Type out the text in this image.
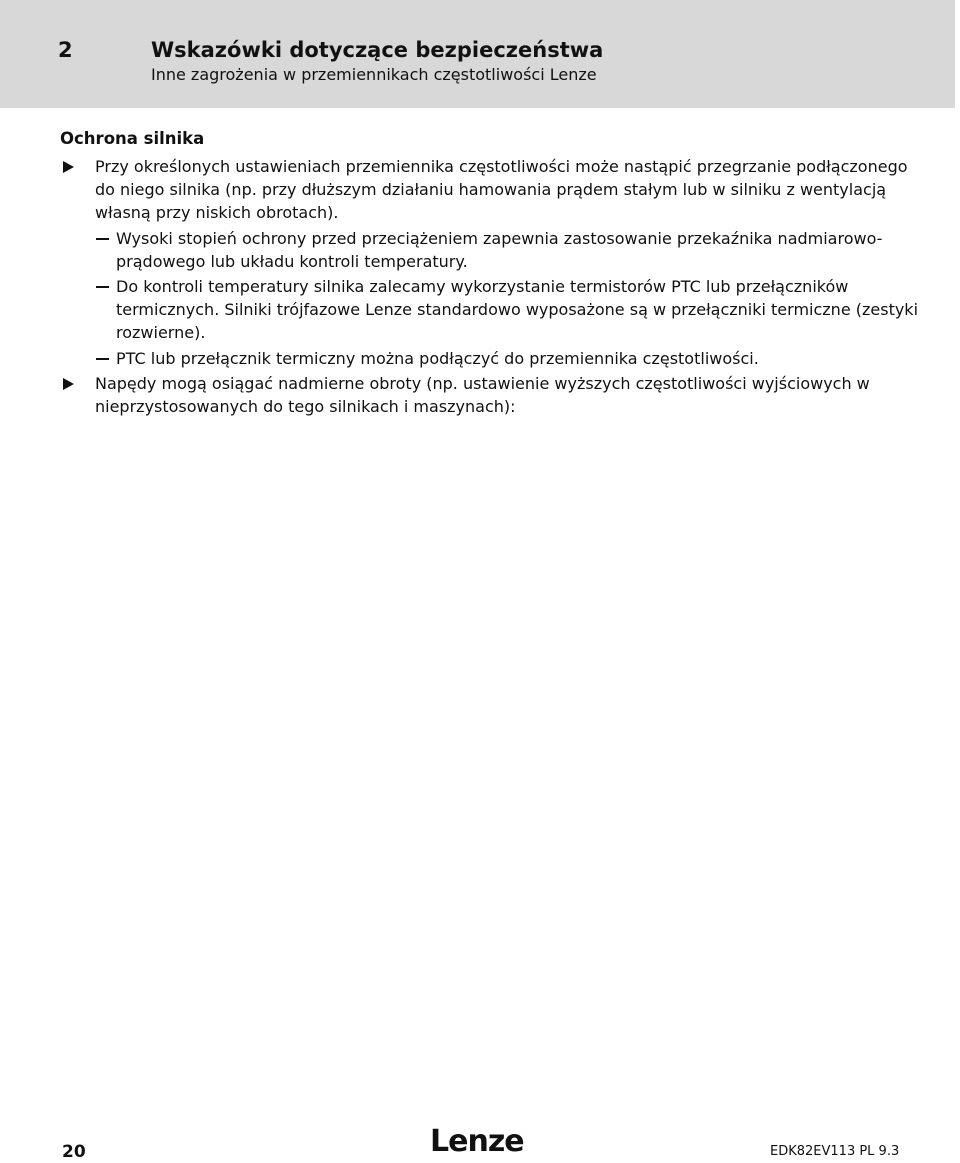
2	Wskazówki dotyczące bezpieczeństwa
Inne zagrożenia w przemiennikach częstotliwości Lenze
Ochrona silnika
Przy określonych ustawieniach przemiennika częstotliwości może nastąpić przegrzanie podłączonego do niego silnika (np. przy dłuższym działaniu hamowania prądem stałym lub w silniku z wentylacją własną przy niskich obrotach).
Wysoki stopień ochrony przed przeciążeniem zapewnia zastosowanie przekaźnika nadmiarowo-prądowego lub układu kontroli temperatury.
Do kontroli temperatury silnika zalecamy wykorzystanie termistorów PTC lub przełączników termicznych. Silniki trójfazowe Lenze standardowo wyposażone są w przełączniki termiczne (zestyki rozwierne).
PTC lub przełącznik termiczny można podłączyć do przemiennika częstotliwości.
Napędy mogą osiągać nadmierne obroty (np. ustawienie wyższych częstotliwości wyjściowych w nieprzystosowanych do tego silnikach i maszynach):
20	Lenze	EDK82EV113 PL 9.3
